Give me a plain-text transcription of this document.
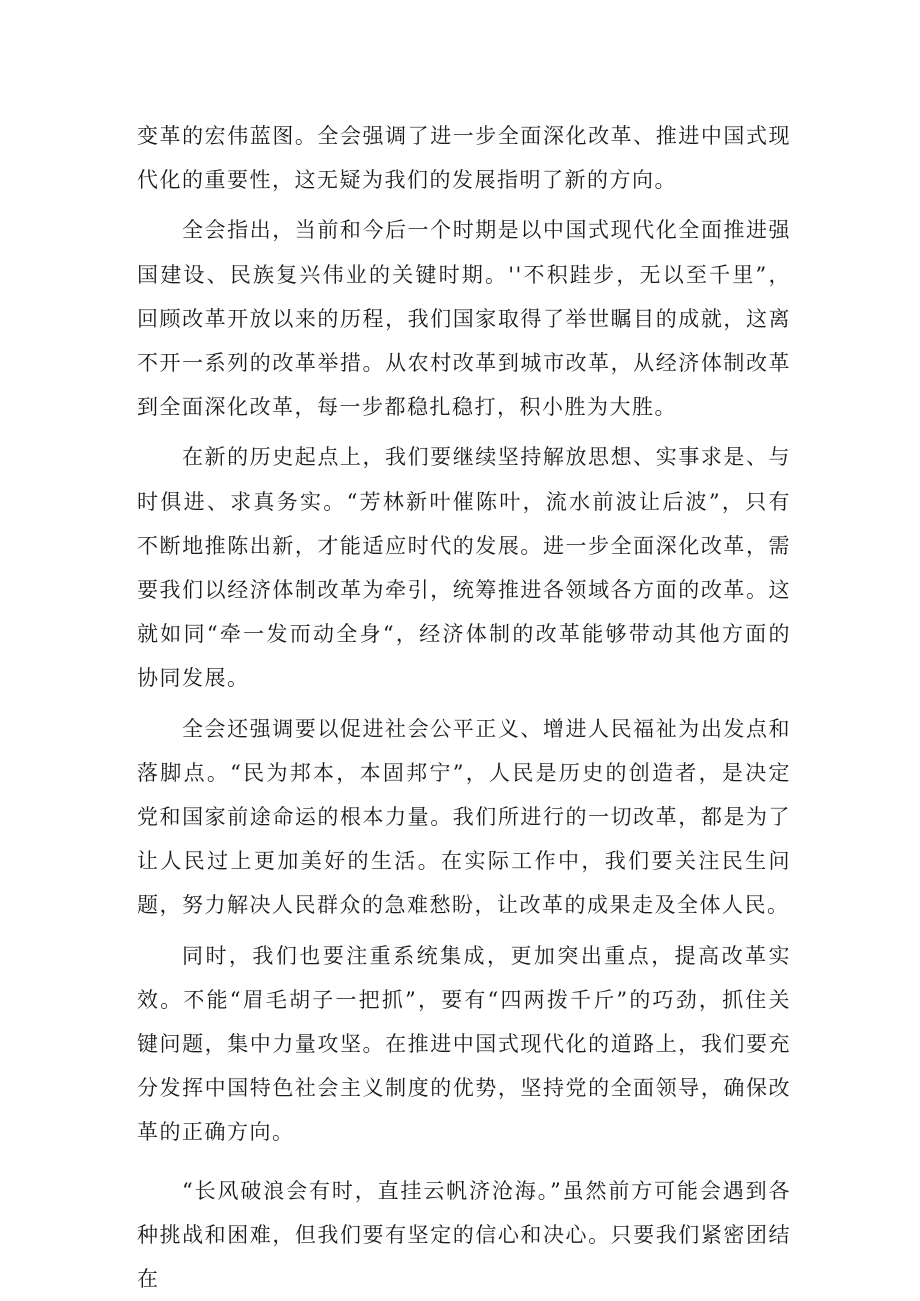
变革的宏伟蓝图。全会强调了进一步全面深化改革、推进中国式现代化的重要性，这无疑为我们的发展指明了新的方向。

全会指出，当前和今后一个时期是以中国式现代化全面推进强国建设、民族复兴伟业的关键时期。''不积跬步，无以至千里”，回顾改革开放以来的历程，我们国家取得了举世瞩目的成就，这离不开一系列的改革举措。从农村改革到城市改革，从经济体制改革到全面深化改革，每一步都稳扎稳打，积小胜为大胜。

在新的历史起点上，我们要继续坚持解放思想、实事求是、与时俱进、求真务实。“芳林新叶催陈叶，流水前波让后波”，只有不断地推陈出新，才能适应时代的发展。进一步全面深化改革，需要我们以经济体制改革为牵引，统筹推进各领域各方面的改革。这就如同“牵一发而动全身“，经济体制的改革能够带动其他方面的协同发展。

全会还强调要以促进社会公平正义、增进人民福祉为出发点和落脚点。“民为邦本，本固邦宁”，人民是历史的创造者，是决定党和国家前途命运的根本力量。我们所进行的一切改革，都是为了让人民过上更加美好的生活。在实际工作中，我们要关注民生问题，努力解决人民群众的急难愁盼，让改革的成果走及全体人民。

同时，我们也要注重系统集成，更加突出重点，提高改革实效。不能“眉毛胡子一把抓”，要有“四两拨千斤”的巧劲，抓住关键问题，集中力量攻坚。在推进中国式现代化的道路上，我们要充分发挥中国特色社会主义制度的优势，坚持党的全面领导，确保改革的正确方向。

“长风破浪会有时，直挂云帆济沧海。”虽然前方可能会遇到各种挑战和困难，但我们要有坚定的信心和决心。只要我们紧密团结在
